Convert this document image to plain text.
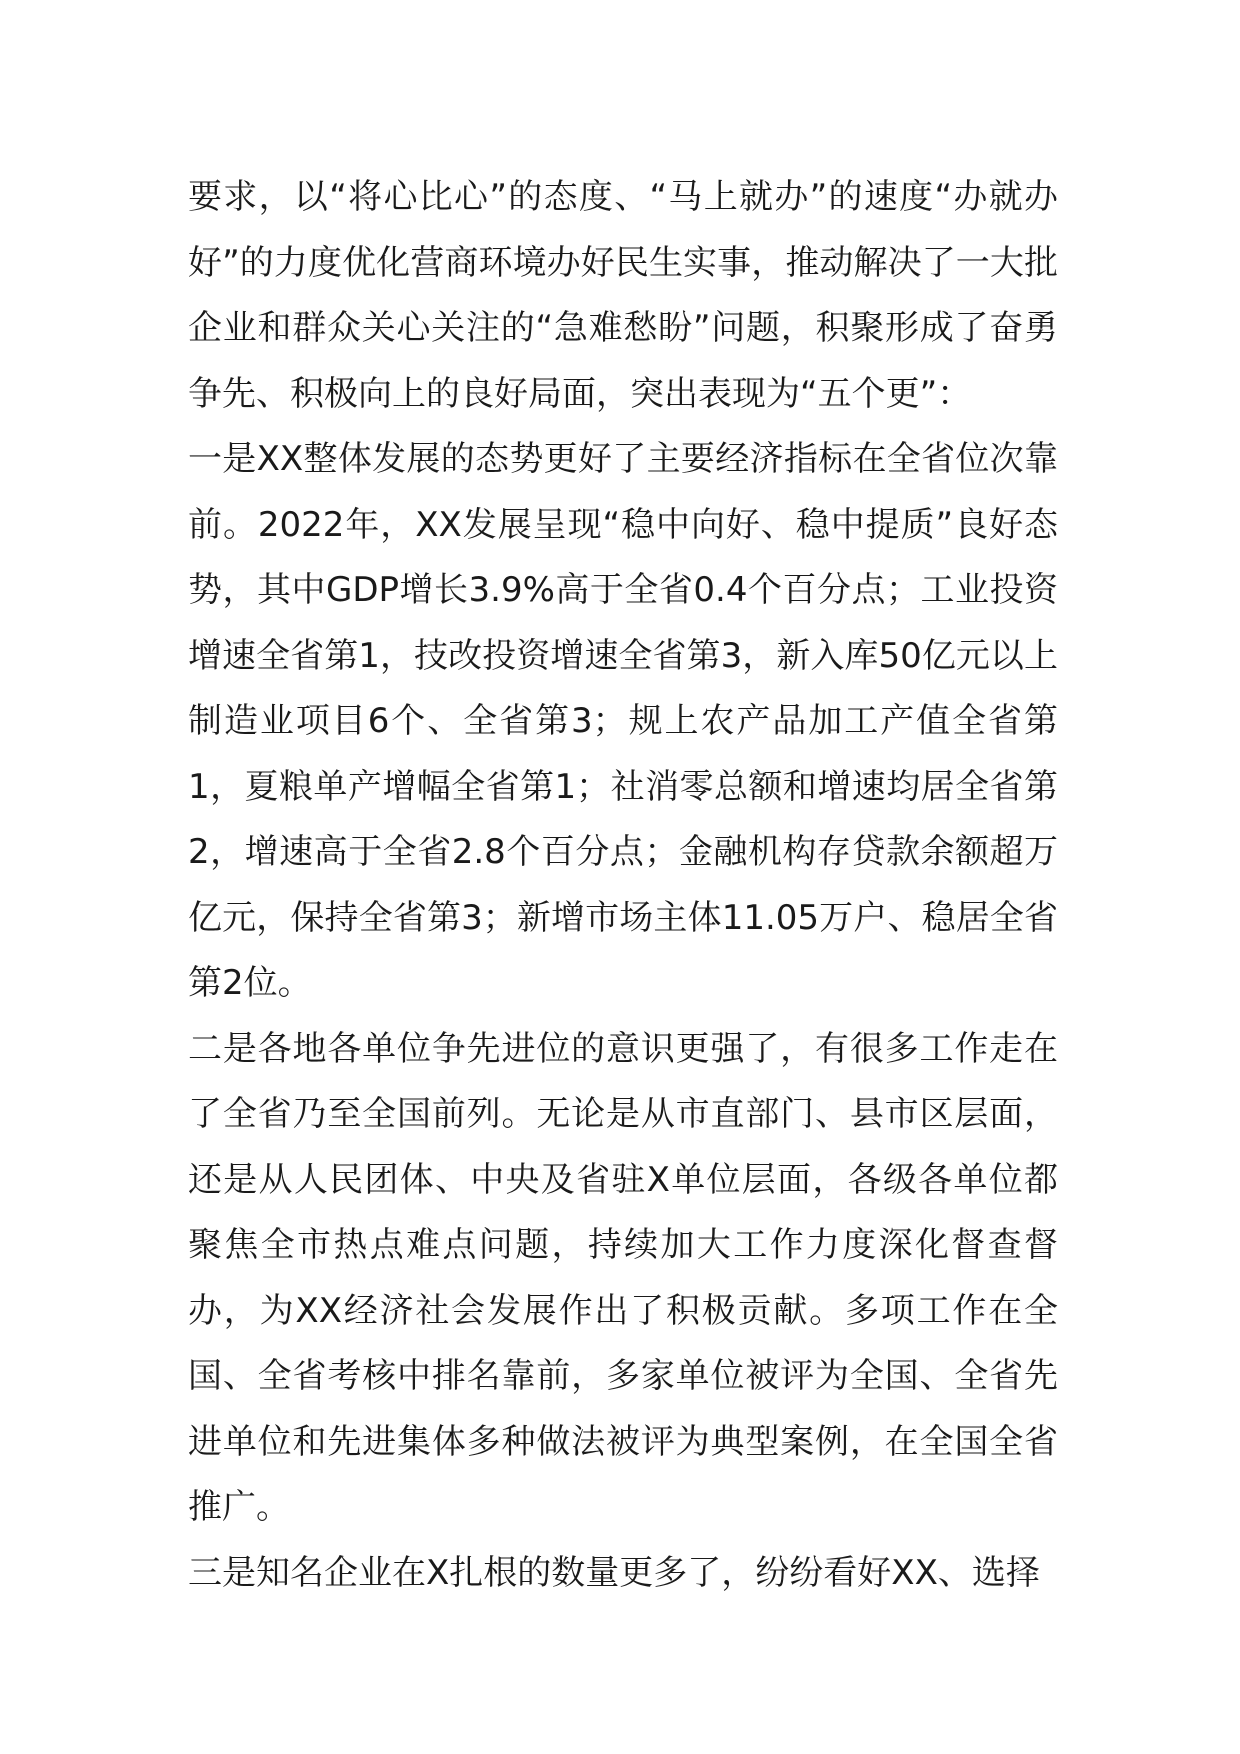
要求，以“将心比心”的态度、“马上就办”的速度“办就办好”的力度优化营商环境办好民生实事，推动解决了一大批企业和群众关心关注的“急难愁盼”问题，积聚形成了奋勇争先、积极向上的良好局面，突出表现为“五个更”：

一是XX整体发展的态势更好了主要经济指标在全省位次靠前。2022年，XX发展呈现“稳中向好、稳中提质”良好态势，其中GDP增长3.9%高于全省0.4个百分点；工业投资增速全省第1，技改投资增速全省第3，新入库50亿元以上制造业项目6个、全省第3；规上农产品加工产值全省第1，夏粮单产增幅全省第1；社消零总额和增速均居全省第2，增速高于全省2.8个百分点；金融机构存贷款余额超万亿元，保持全省第3；新增市场主体11.05万户、稳居全省第2位。

二是各地各单位争先进位的意识更强了，有很多工作走在了全省乃至全国前列。无论是从市直部门、县市区层面，还是从人民团体、中央及省驻X单位层面，各级各单位都聚焦全市热点难点问题，持续加大工作力度深化督查督办，为XX经济社会发展作出了积极贡献。多项工作在全国、全省考核中排名靠前，多家单位被评为全国、全省先进单位和先进集体多种做法被评为典型案例，在全国全省推广。

三是知名企业在X扎根的数量更多了，纷纷看好XX、选择
